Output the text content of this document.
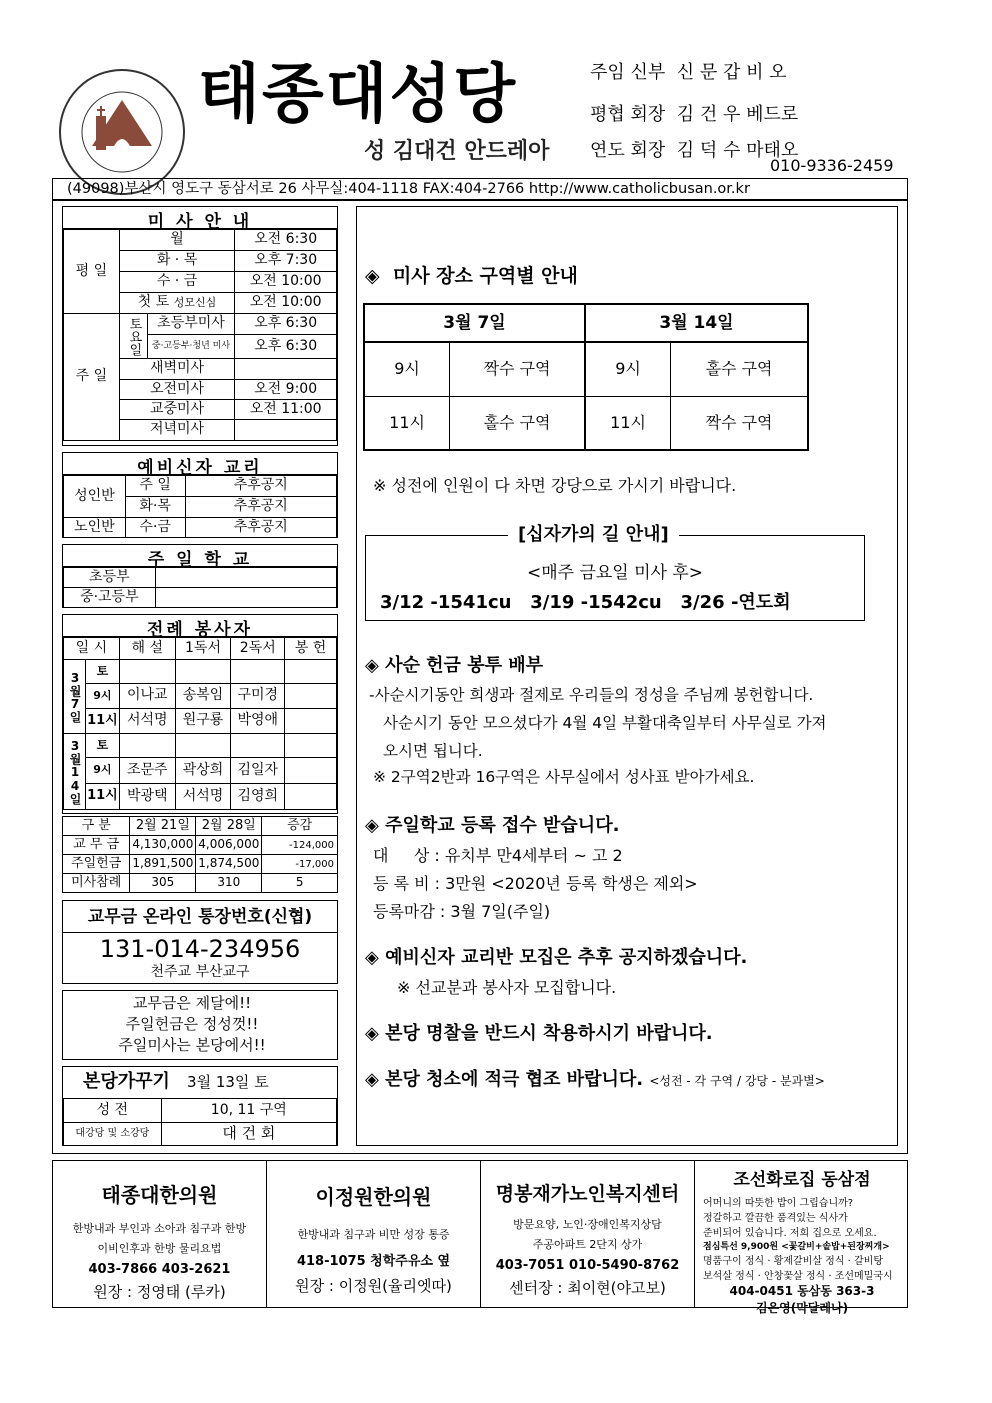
태종대성당
성 김대건 안드레아
주임 신부 신 문 갑 비 오
평협 회장 김 건 우 베드로
연도 회장 김 덕 수 마태오
010-9336-2459
(49098)부산시 영도구 동삼서로 26 사무실:404-1118 FAX:404-2766 http://www.catholicbusan.or.kr
미 사 안 내
평 일	월		오전 6:30
	화 · 목		오후 7:30
	수 · 금		오전 10:00
	첫 토 성모신심		오전 10:00
주 일	토요일	초등부미사	오후 6:30
		중·고등부·청년 미사	오후 6:30
	새벽미사		
	오전미사		오전 9:00
	교중미사		오전 11:00
	저녁미사		
예비신자 교리
성인반	주 일	추후공지
	화·목	추후공지
노인반	수·금	추후공지
주 일 학 교
초등부	
중·고등부	
전례 봉사자
일 시		해 설	1독서	2독서	봉 헌
3월7일	토				
	9시	이나교	송복임	구미경	
	11시	서석명	원구룡	박영애	
3월14일	토				
	9시	조문주	곽상희	김일자	
	11시	박광택	서석명	김영희	
구 분	2월 21일	2월 28일	증감
교 무 금	4,130,000	4,006,000	-124,000
주일헌금	1,891,500	1,874,500	-17,000
미사참례	305	310	5
교무금 온라인 통장번호(신협)
131-014-234956
천주교 부산교구
교무금은 제달에!!
주일헌금은 정성껏!!
주일미사는 본당에서!!
본당가꾸기 3월 13일 토
성 전	10, 11 구역
대강당 및 소강당	대 건 회
◈ 미사 장소 구역별 안내
3월 7일		3월 14일	
9시	짝수 구역	9시	홀수 구역
11시	홀수 구역	11시	짝수 구역
※ 성전에 인원이 다 차면 강당으로 가시기 바랍니다.
[십자가의 길 안내]
<매주 금요일 미사 후>
3/12 -1541cu   3/19 -1542cu   3/26 -연도회
◈ 사순 헌금 봉투 배부
-사순시기동안 희생과 절제로 우리들의 정성을 주님께 봉헌합니다.
사순시기 동안 모으셨다가 4월 4일 부활대축일부터 사무실로 가져
오시면 됩니다.
※ 2구역2반과 16구역은 사무실에서 성사표 받아가세요.
◈ 주일학교 등록 접수 받습니다.
대     상 : 유치부 만4세부터 ~ 고 2
등 록 비 : 3만원 <2020년 등록 학생은 제외>
등록마감 : 3월 7일(주일)
◈ 예비신자 교리반 모집은 추후 공지하겠습니다.
※ 선교분과 봉사자 모집합니다.
◈ 본당 명찰을 반드시 착용하시기 바랍니다.
◈ 본당 청소에 적극 협조 바랍니다. <성전 - 각 구역 / 강당 - 분과별>
태종대한의원
한방내과 부인과 소아과 침구과 한방
이비인후과 한방 물리요법
403-7866 403-2621
원장 : 정영태 (루카)
이정원한의원
한방내과 침구과 비만 성장 통증
418-1075 청학주유소 옆
원장 : 이정원(율리엣따)
명봉재가노인복지센터
방문요양, 노인·장애인복지상담
주공아파트 2단지 상가
403-7051 010-5490-8762
센터장 : 최이현(야고보)
조선화로집 동삼점
어머니의 따뜻한 밥이 그립습니까?
정갈하고 깔끔한 품격있는 식사가
준비되어 있습니다. 저희 집으로 오세요.
점심특선 9,900원 <꽃갈비+솥밥+된장찌개>
명품구이 정식 · 황제갈비살 정식 · 갈비탕
보석살 정식 · 안창꽃살 정식 · 조선메밀국시
404-0451 동삼동 363-3
김은영(막달레나)
